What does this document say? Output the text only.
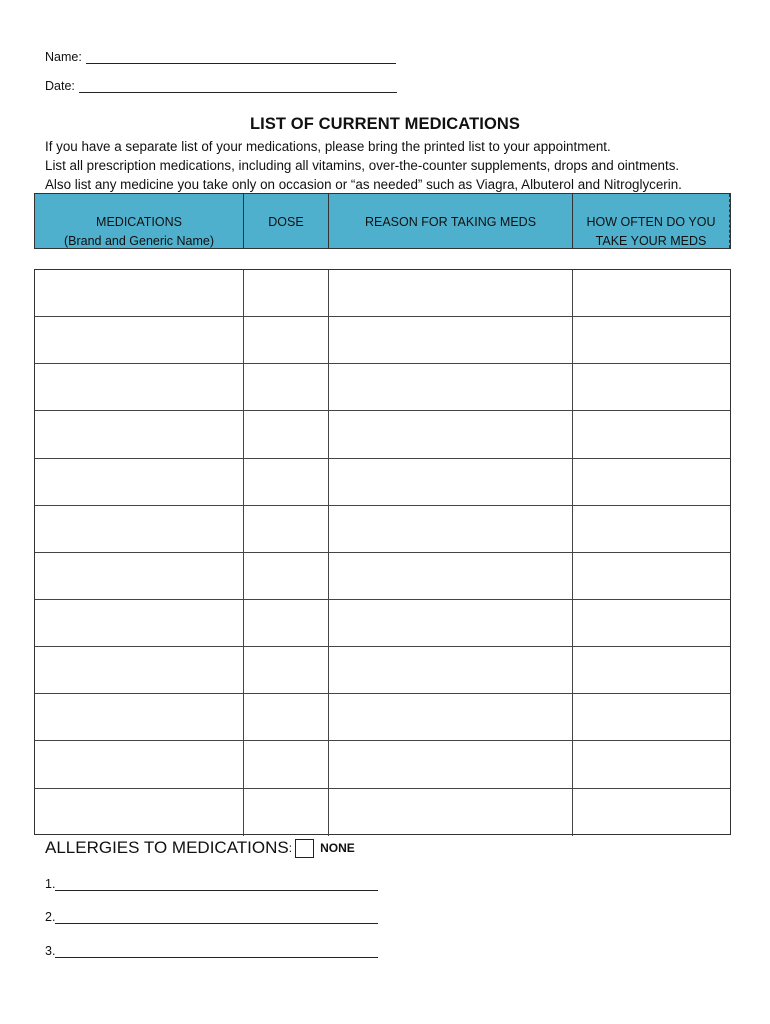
Name:
Date:
LIST OF CURRENT MEDICATIONS
If you have a separate list of your medications, please bring the printed list to your appointment.
List all prescription medications, including all vitamins, over-the-counter supplements, drops and ointments.
Also list any medicine you take only on occasion or “as needed” such as Viagra, Albuterol and Nitroglycerin.
MEDICATIONS
(Brand and Generic Name)
DOSE	REASON FOR TAKING MEDS	HOW OFTEN DO YOU
TAKE YOUR MEDS
ALLERGIES TO MEDICATIONS : NONE
1.
2.
3.
